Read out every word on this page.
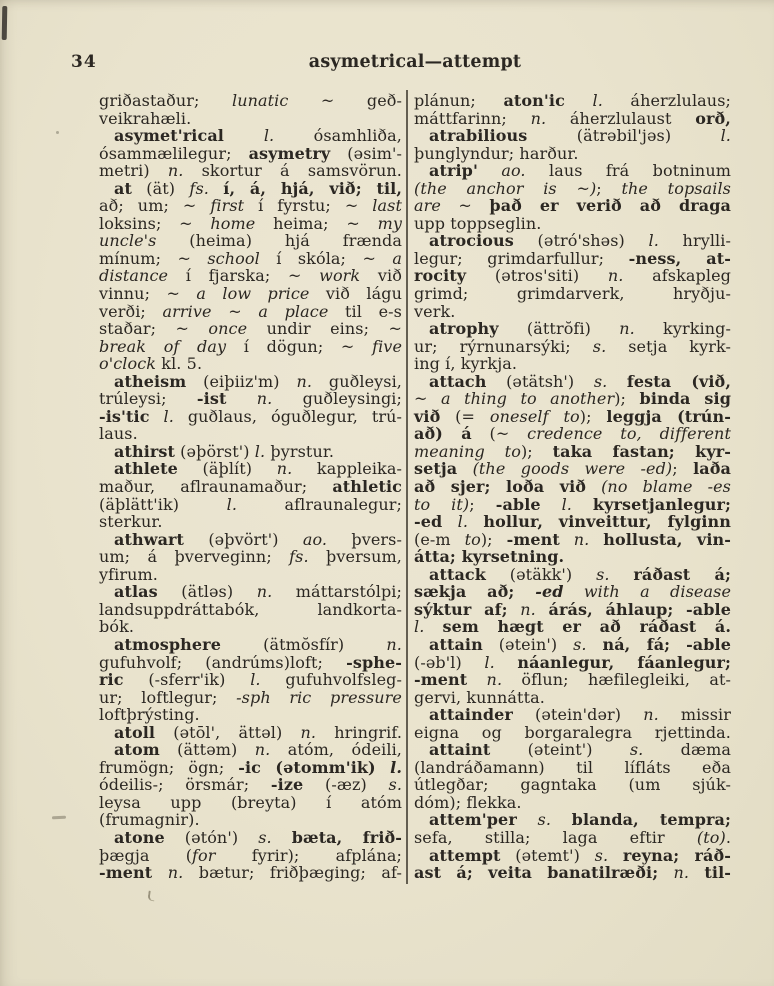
34	asymetrical—attempt
griðastaður; lunatic ~ geð-
veikrahæli.
asymet'rical l. ósamhliða,
ósammælilegur; asymetry (əsim'-
metri) n. skortur á samsvörun.
at (ät) fs. í, á, hjá, við; til,
að; um; ~ first í fyrstu; ~ last
loksins; ~ home heima; ~ my
uncle's (heima) hjá frænda
mínum; ~ school í skóla; ~ a
distance í fjarska; ~ work við
vinnu; ~ a low price við lágu
verði; arrive ~ a place til e-s
staðar; ~ once undir eins; ~
break of day í dögun; ~ five
o'clock kl. 5.
atheism (eiþiiz'm) n. guðleysi,
trúleysi; -ist n. guðleysingi;
-is'tic l. guðlaus, óguðlegur, trú-
laus.
athirst (əþörst') l. þyrstur.
athlete (äþlít) n. kappleika-
maður, aflraunamaður; athletic
(äþlätt'ik) l. aflraunalegur;
sterkur.
athwart (əþvört') ao. þvers-
um; á þverveginn; fs. þversum,
yfirum.
atlas (ätləs) n. máttarstólpi;
landsuppdráttabók, landkorta-
bók.
atmosphere (ätmŏsfír) n.
gufuhvolf; (andrúms)loft; -sphe-
ric (-sferr'ik) l. gufuhvolfsleg-
ur; loftlegur; -sph ric pressure
loftþrýsting.
atoll (ətōl', ättəl) n. hringrif.
atom (ättəm) n. atóm, ódeili,
frumögn; ögn; -ic (ətomm'ik) l.
ódeilis-; örsmár; -ize (-æz) s.
leysa upp (breyta) í atóm
(frumagnir).
atone (ətón') s. bæta, frið-
þægja (for fyrir); afplána;
-ment n. bætur; friðþæging; af-
plánun; aton'ic l. áherzlulaus;
máttfarinn; n. áherzlulaust orð,
atrabilious (ätrəbil'jəs) l.
þunglyndur; harður.
atrip' ao. laus frá botninum
(the anchor is ~); the topsails
are ~ það er verið að draga
upp toppseglin.
atrocious (ətró'shəs) l. hrylli-
legur; grimdarfullur; -ness, at-
rocity (ətros'siti) n. afskapleg
grimd; grimdarverk, hryðju-
verk.
atrophy (ättrŏfi) n. kyrking-
ur; rýrnunarsýki; s. setja kyrk-
ing í, kyrkja.
attach (ətätsh') s. festa (við,
~ a thing to another); binda sig
við (= oneself to); leggja (trún-
að) á (~ credence to, different
meaning to); taka fastan; kyr-
setja (the goods were -ed); laða
að sjer; loða við (no blame -es
to it); -able l. kyrsetjanlegur;
-ed l. hollur, vinveittur, fylginn
(e-m to); -ment n. hollusta, vin-
átta; kyrsetning.
attack (ətäkk') s. ráðast á;
sækja að; -ed with a disease
sýktur af; n. árás, áhlaup; -able
l. sem hægt er að ráðast á.
attain (ətein') s. ná, fá; -able
(-əb'l) l. náanlegur, fáanlegur;
-ment n. öflun; hæfilegleiki, at-
gervi, kunnátta.
attainder (ətein'dər) n. missir
eigna og borgaralegra rjettinda.
attaint (əteint') s. dæma
(landráðamann) til lífláts eða
útlegðar; gagntaka (um sjúk-
dóm); flekka.
attem'per s. blanda, tempra;
sefa, stilla; laga eftir (to).
attempt (ətemt') s. reyna; ráð-
ast á; veita banatilræði; n. til-
